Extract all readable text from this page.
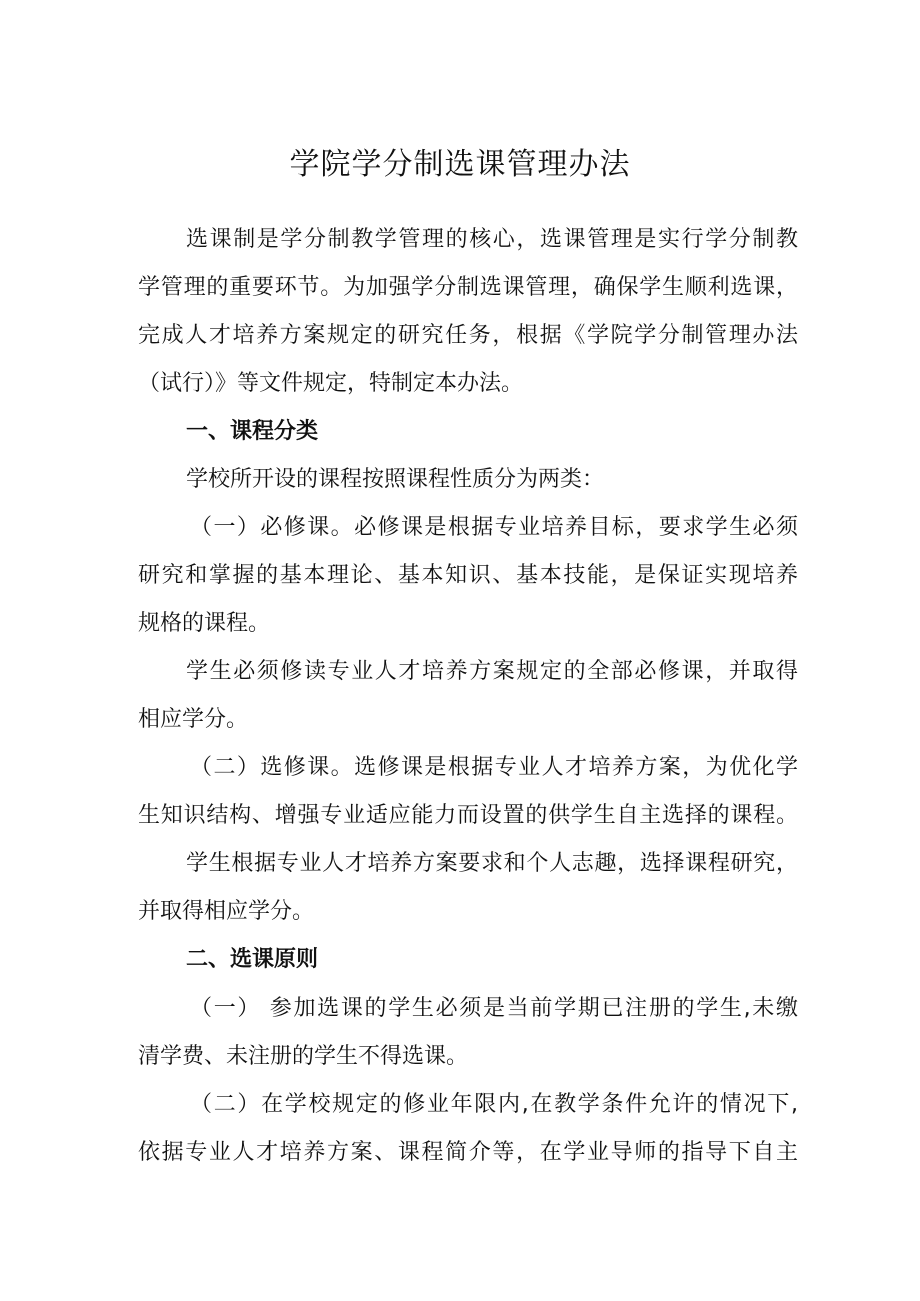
学院学分制选课管理办法

选课制是学分制教学管理的核心，选课管理是实行学分制教

学管理的重要环节。为加强学分制选课管理，确保学生顺利选课，

完成人才培养方案规定的研究任务，根据《学院学分制管理办法

（试行）》等文件规定，特制定本办法。

一、课程分类

学校所开设的课程按照课程性质分为两类：

（一）必修课。必修课是根据专业培养目标，要求学生必须

研究和掌握的基本理论、基本知识、基本技能，是保证实现培养

规格的课程。

学生必须修读专业人才培养方案规定的全部必修课，并取得

相应学分。

（二）选修课。选修课是根据专业人才培养方案，为优化学

生知识结构、增强专业适应能力而设置的供学生自主选择的课程。

学生根据专业人才培养方案要求和个人志趣，选择课程研究，

并取得相应学分。

二、选课原则

（一） 参加选课的学生必须是当前学期已注册的学生,未缴

清学费、未注册的学生不得选课。

（二）在学校规定的修业年限内,在教学条件允许的情况下,

依据专业人才培养方案、课程简介等，在学业导师的指导下自主
